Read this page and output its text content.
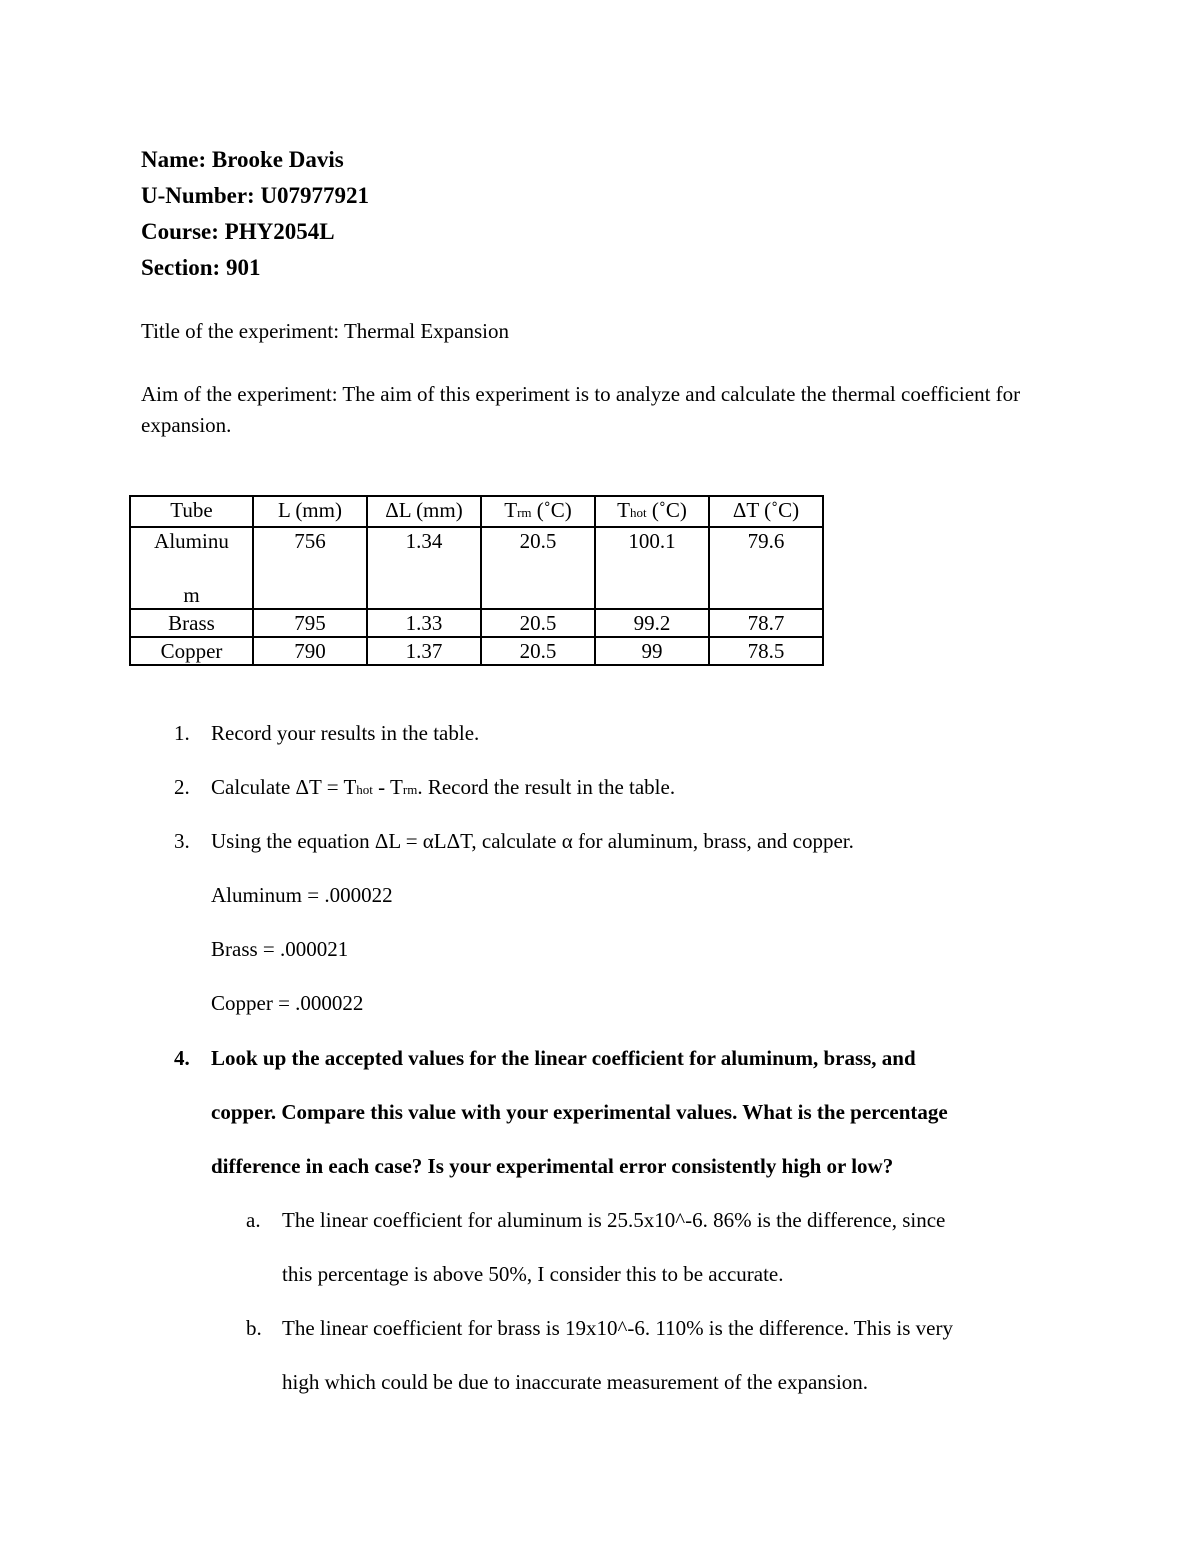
Name: Brooke Davis
U-Number: U07977921
Course: PHY2054L
Section: 901
Title of the experiment: Thermal Expansion
Aim of the experiment: The aim of this experiment is to analyze and calculate the thermal coefficient for expansion.
Tube	L (mm)	ΔL (mm)	Trm (˚C)	Thot (˚C)	ΔT (˚C)

Aluminu
m	756	1.34	20.5	100.1	79.6
Brass	795	1.33	20.5	99.2	78.7
Copper	790	1.37	20.5	99	78.5
1. Record your results in the table.
2. Calculate ΔT = Thot - Trm. Record the result in the table.
3. Using the equation ΔL = αLΔT, calculate α for aluminum, brass, and copper.
Aluminum = .000022
Brass = .000021
Copper = .000022
4. Look up the accepted values for the linear coefficient for aluminum, brass, and
copper. Compare this value with your experimental values. What is the percentage
difference in each case? Is your experimental error consistently high or low?
a. The linear coefficient for aluminum is 25.5x10^-6. 86% is the difference, since
this percentage is above 50%, I consider this to be accurate.
b. The linear coefficient for brass is 19x10^-6. 110% is the difference. This is very
high which could be due to inaccurate measurement of the expansion.
